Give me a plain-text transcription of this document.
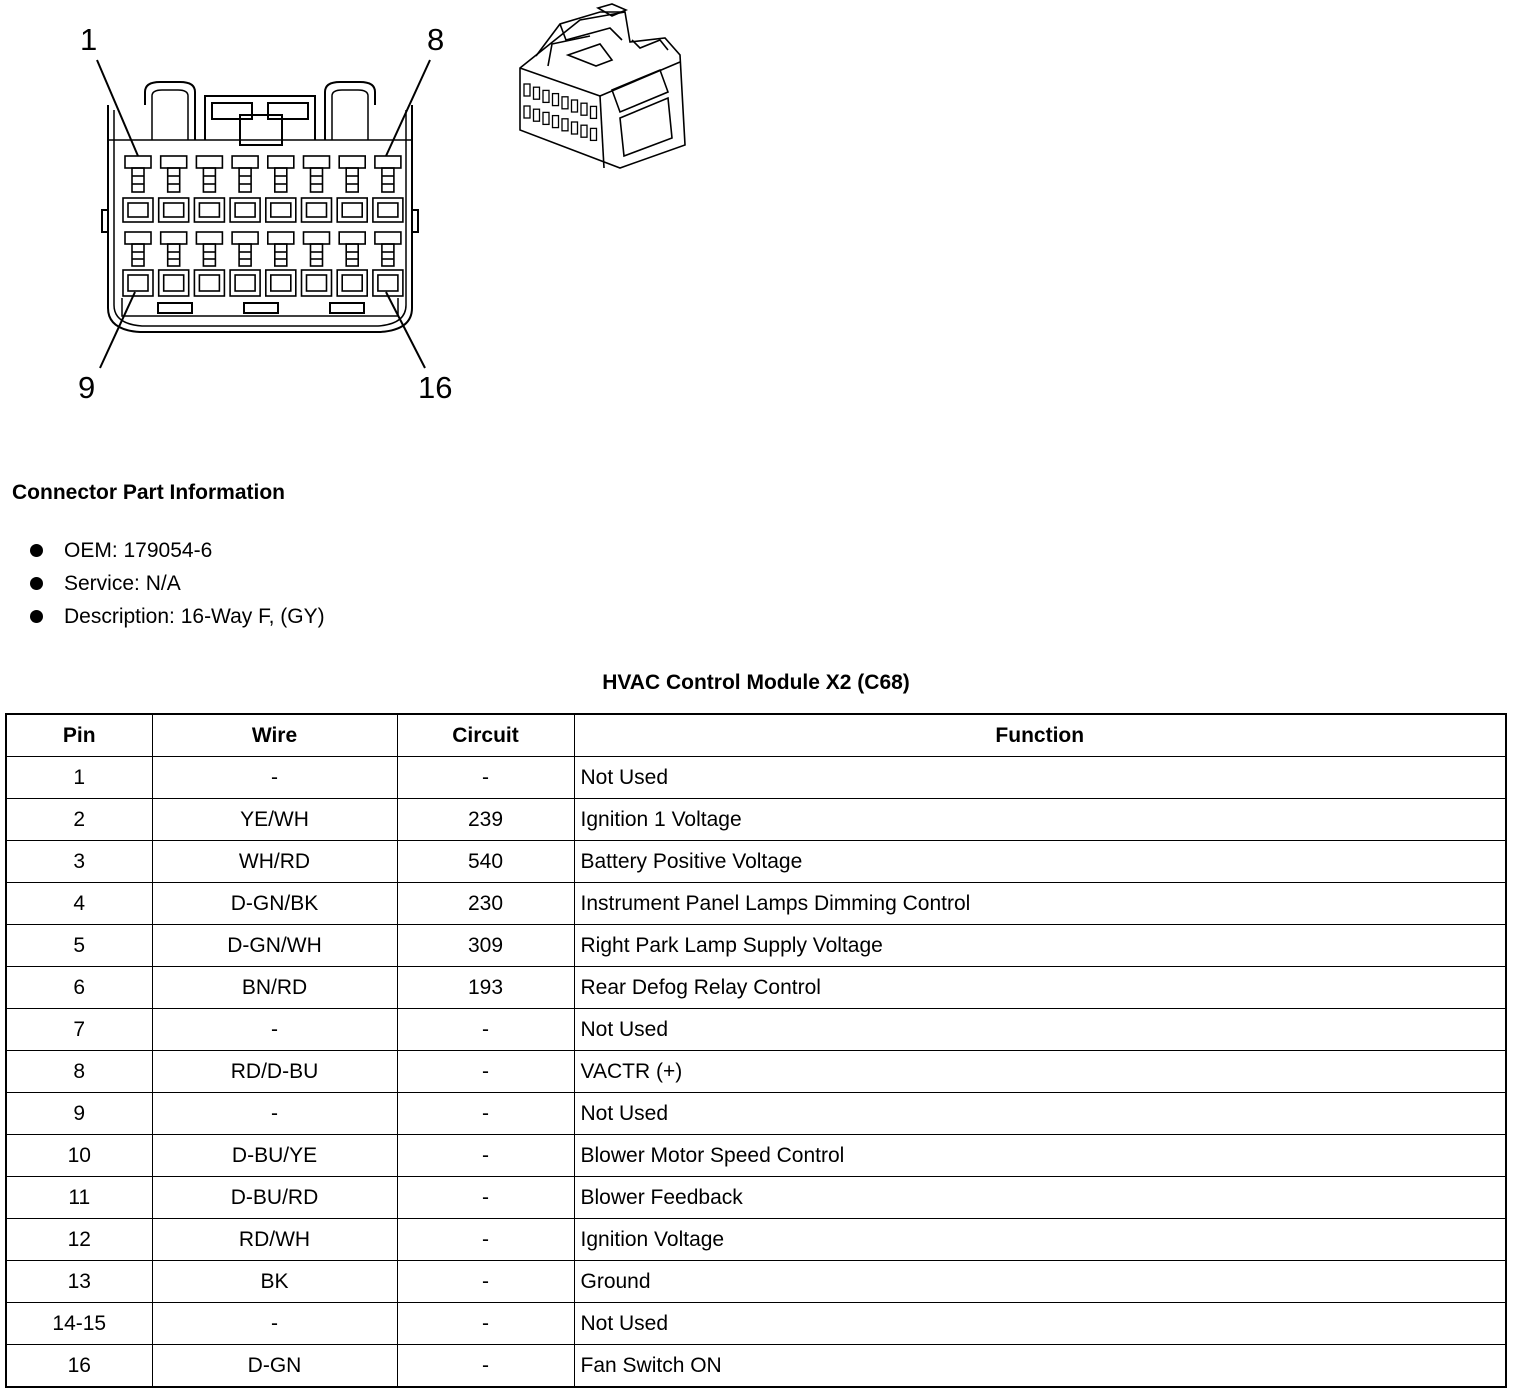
1	8
9	16
Connector Part Information
OEM: 179054-6
Service: N/A
Description: 16-Way F, (GY)
HVAC Control Module X2 (C68)
Pin	Wire	Circuit	Function
1	-	-	Not Used
2	YE/WH	239	Ignition 1 Voltage
3	WH/RD	540	Battery Positive Voltage
4	D-GN/BK	230	Instrument Panel Lamps Dimming Control
5	D-GN/WH	309	Right Park Lamp Supply Voltage
6	BN/RD	193	Rear Defog Relay Control
7	-	-	Not Used
8	RD/D-BU	-	VACTR (+)
9	-	-	Not Used
10	D-BU/YE	-	Blower Motor Speed Control
11	D-BU/RD	-	Blower Feedback
12	RD/WH	-	Ignition Voltage
13	BK	-	Ground
14-15	-	-	Not Used
16	D-GN	-	Fan Switch ON
